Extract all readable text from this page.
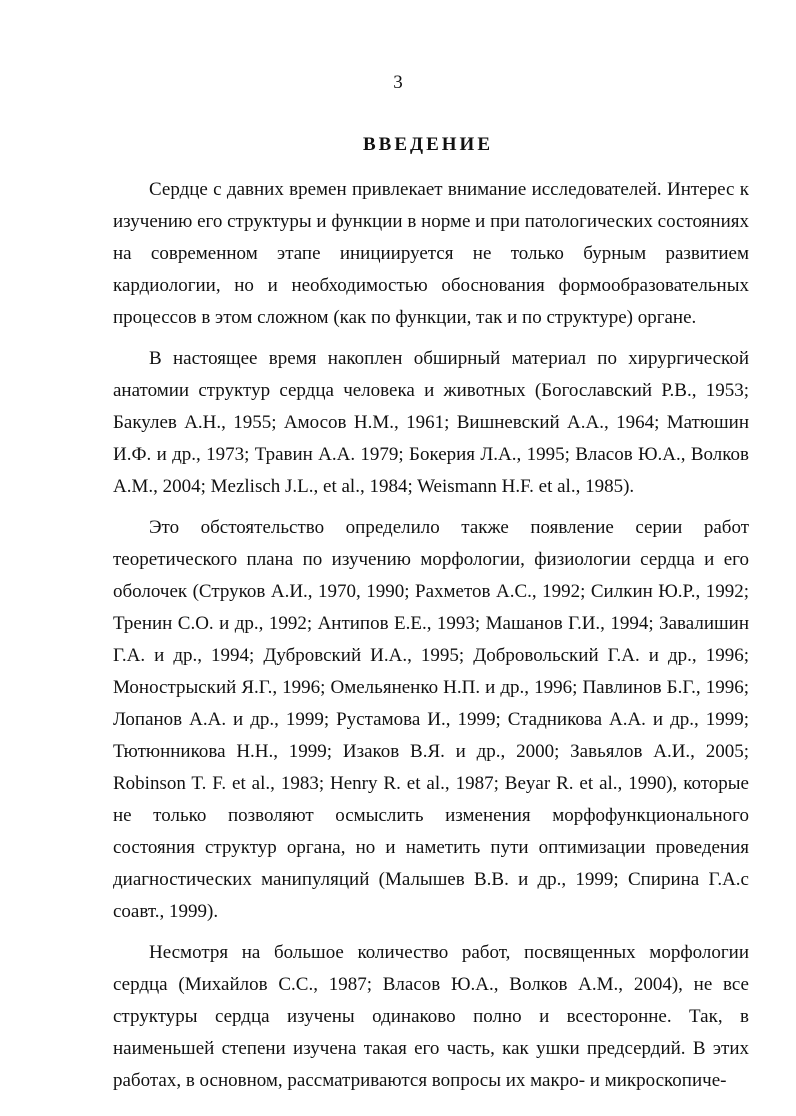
3
ВВЕДЕНИЕ

Сердце с давних времен привлекает внимание исследователей. Интерес к изучению его структуры и функции в норме и при патологических состояниях на современном этапе инициируется не только бурным развитием кардиологии, но и необходимостью обоснования формообразовательных процессов в этом сложном (как по функции, так и по структуре) органе.

В настоящее время накоплен обширный материал по хирургической анатомии структур сердца человека и животных (Богославский Р.В., 1953; Бакулев А.Н., 1955; Амосов Н.М., 1961; Вишневский А.А., 1964; Матюшин И.Ф. и др., 1973; Травин А.А. 1979; Бокерия Л.А., 1995; Власов Ю.А., Волков А.М., 2004; Mezlisch J.L., et al., 1984; Weismann H.F. et al., 1985).

Это обстоятельство определило также появление серии работ теоретического плана по изучению морфологии, физиологии сердца и его оболочек (Струков А.И., 1970, 1990; Рахметов А.С., 1992; Силкин Ю.Р., 1992; Тренин С.О. и др., 1992; Антипов Е.Е., 1993; Машанов Г.И., 1994; Завалишин Г.А. и др., 1994; Дубровский И.А., 1995; Добровольский Г.А. и др., 1996; Монострыский Я.Г., 1996; Омельяненко Н.П. и др., 1996; Павлинов Б.Г., 1996; Лопанов А.А. и др., 1999; Рустамова И., 1999; Стадникова А.А. и др., 1999; Тютюнникова Н.Н., 1999; Изаков В.Я. и др., 2000; Завьялов А.И., 2005; Robinson T. F. et al., 1983; Henry R. et al., 1987; Beyar R. et al., 1990), которые не только позволяют осмыслить изменения морфофункционального состояния структур органа, но и наметить пути оптимизации проведения диагностических манипуляций (Малышев В.В. и др., 1999; Спирина Г.А.с соавт., 1999).

Несмотря на большое количество работ, посвященных морфологии сердца (Михайлов С.С., 1987; Власов Ю.А., Волков А.М., 2004), не все структуры сердца изучены одинаково полно и всесторонне. Так, в наименьшей степени изучена такая его часть, как ушки предсердий. В этих работах, в основном, рассматриваются вопросы их макро- и микроскопиче-
